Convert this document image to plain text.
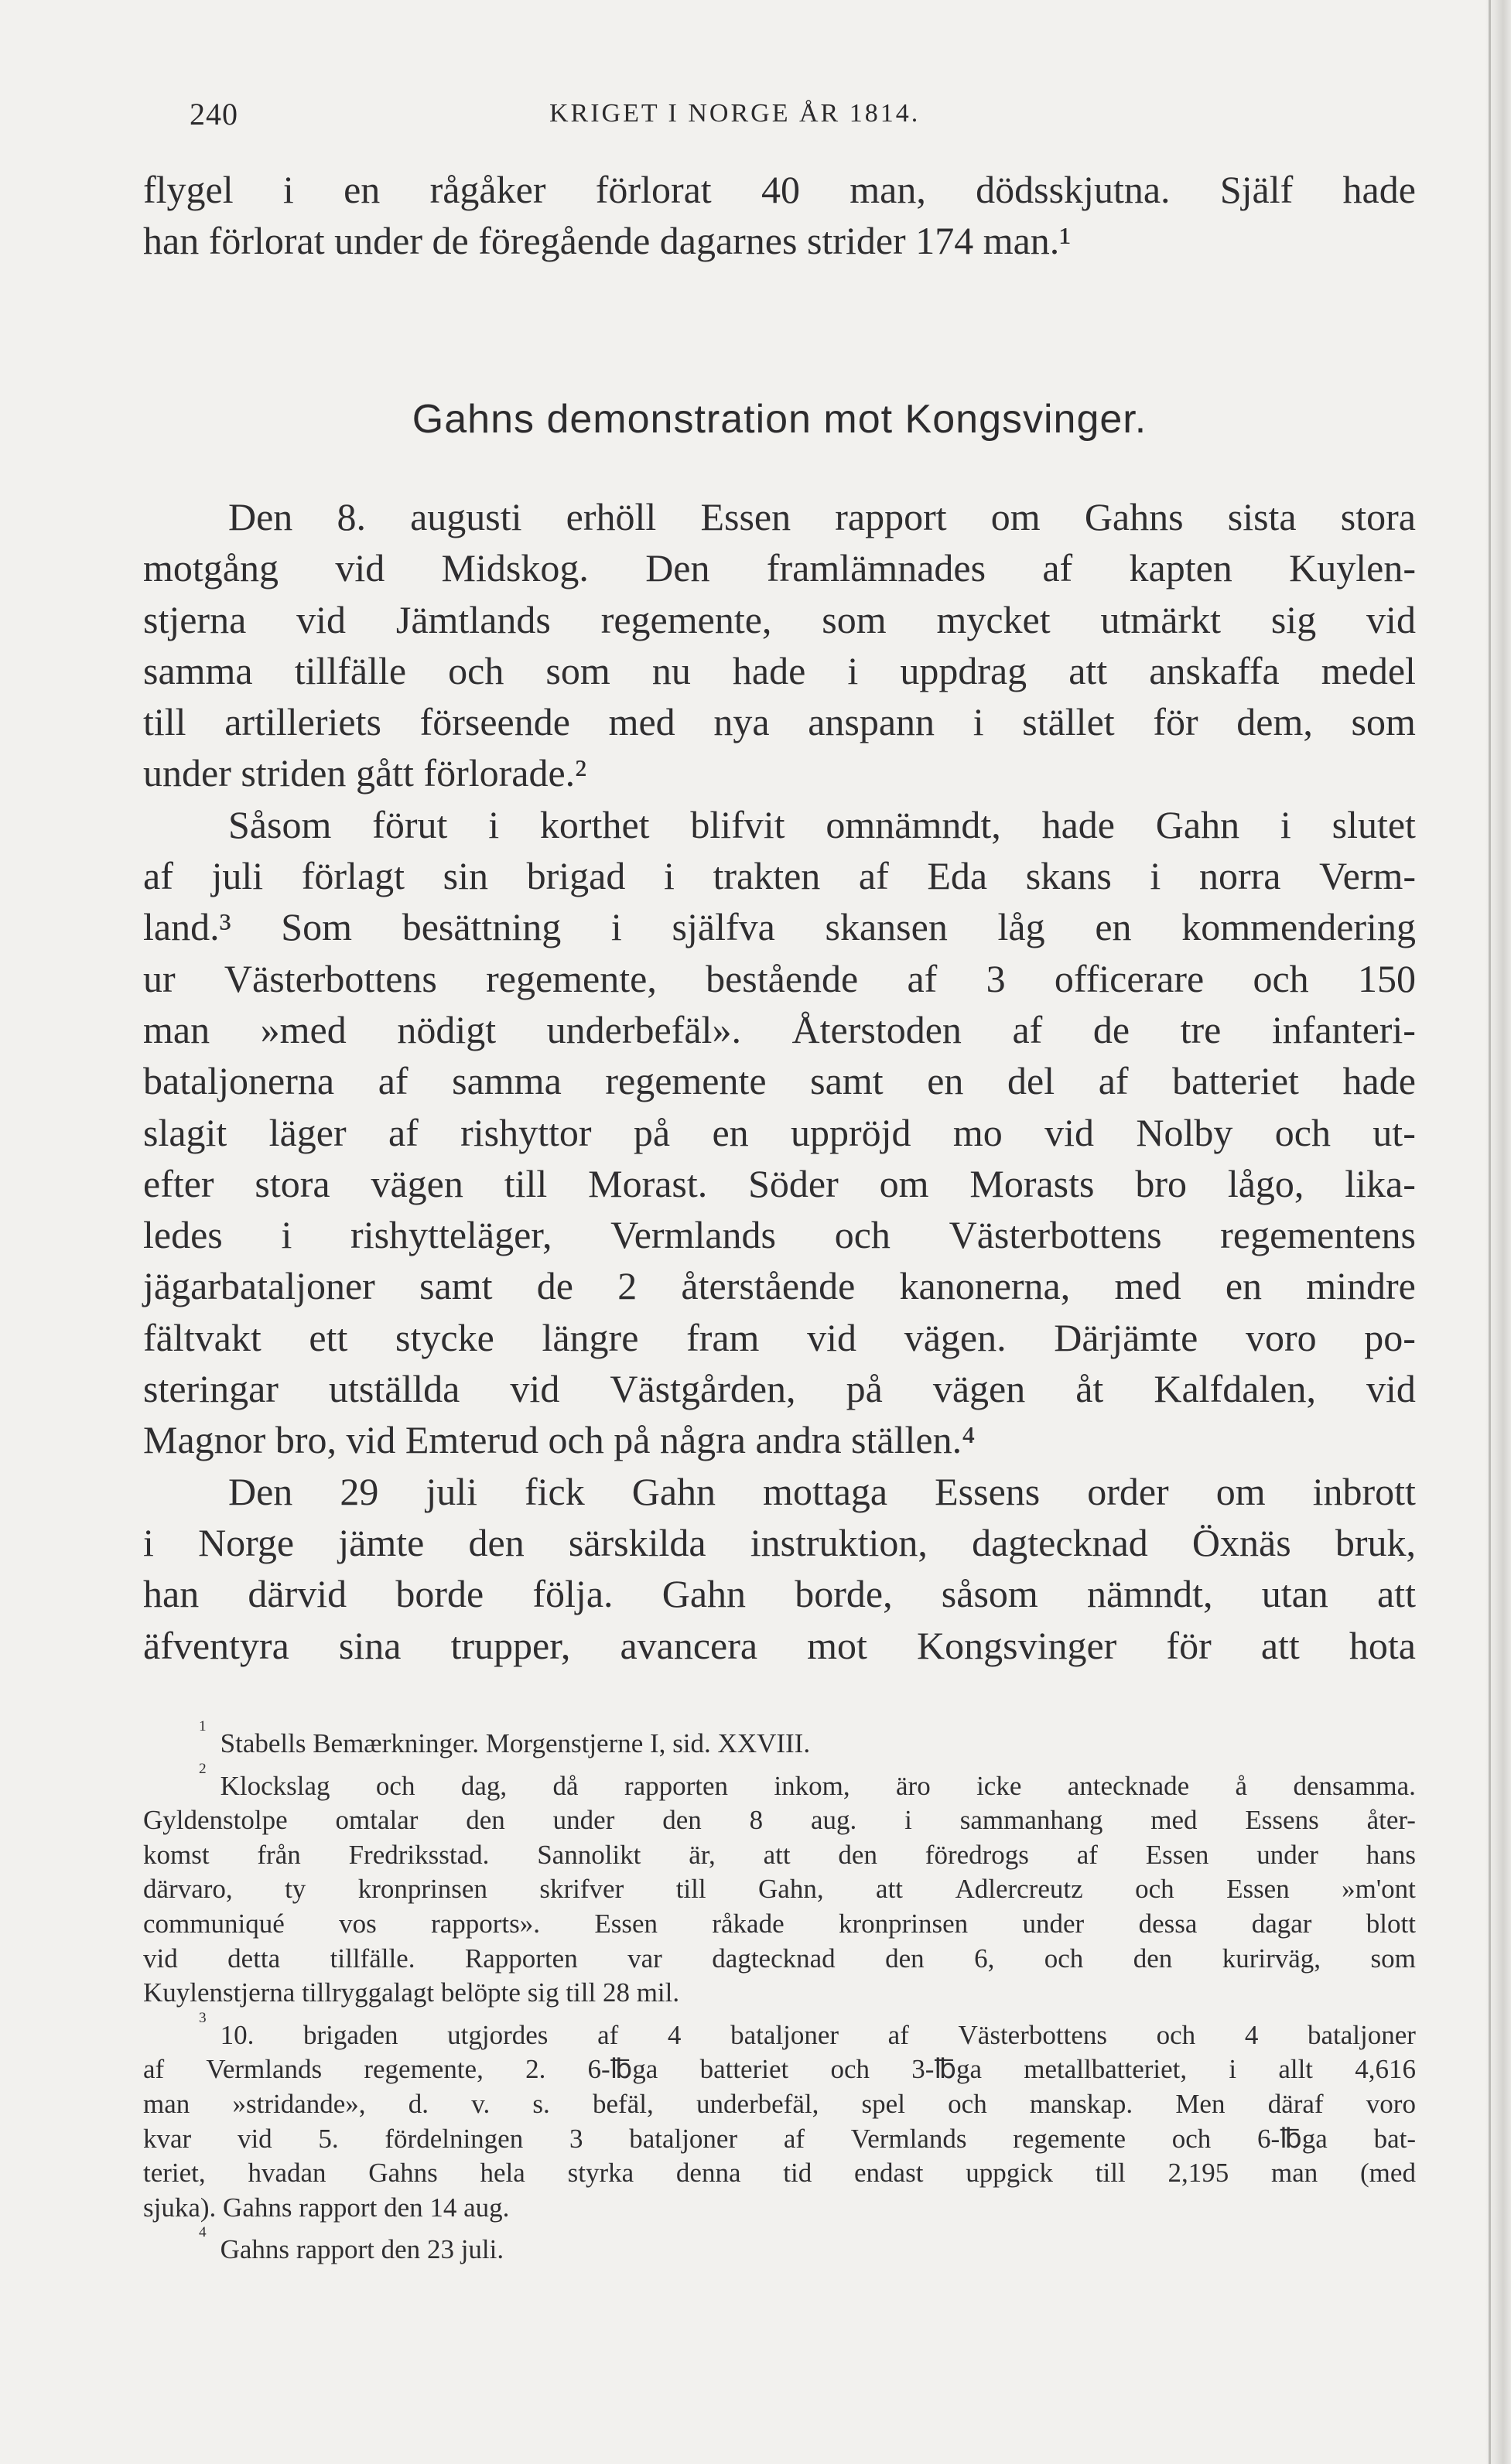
240	KRIGET I NORGE ÅR 1814.
flygel i en rågåker förlorat 40 man, dödsskjutna. Själf hade
han
förlorat
under
de
föregående
dagarnes
strider
174
man.¹
Gahns demonstration mot Kongsvinger.
Den 8. augusti erhöll Essen rapport om Gahns sista stora
motgång vid Midskog. Den framlämnades af kapten Kuylen-
stjerna vid Jämtlands regemente, som mycket utmärkt sig vid
samma tillfälle och som nu hade i uppdrag att anskaffa medel
till artilleriets förseende med nya anspann i stället för dem, som
under
striden
gått
förlorade.²
Såsom förut i korthet blifvit omnämndt, hade Gahn i slutet
af juli förlagt sin brigad i trakten af Eda skans i norra Verm-
land.³ Som besättning i själfva skansen låg en kommendering
ur Västerbottens regemente, bestående af 3 officerare och 150
man »med nödigt underbefäl». Återstoden af de tre infanteri-
bataljonerna af samma regemente samt en del af batteriet hade
slagit läger af rishyttor på en uppröjd mo vid Nolby och ut-
efter stora vägen till Morast. Söder om Morasts bro lågo, lika-
ledes i rishytteläger, Vermlands och Västerbottens regementens
jägarbataljoner samt de 2 återstående kanonerna, med en mindre
fältvakt ett stycke längre fram vid vägen. Därjämte voro po-
steringar utställda vid Västgården, på vägen åt Kalfdalen, vid
Magnor
bro,
vid
Emterud
och
på
några
andra
ställen.⁴
Den 29 juli fick Gahn mottaga Essens order om inbrott
i Norge jämte den särskilda instruktion, dagtecknad Öxnäs bruk,
han därvid borde följa. Gahn borde, såsom nämndt, utan att
äfventyra sina trupper, avancera mot Kongsvinger för att hota
1
Stabells
Bemærkninger.
Morgenstjerne
I,
sid.
XXVIII.
2
Klockslag och dag, då rapporten inkom, äro icke antecknade å densamma.
Gyldenstolpe omtalar den under den 8 aug. i sammanhang med Essens åter-
komst från Fredriksstad. Sannolikt är, att den föredrogs af Essen under hans
därvaro, ty kronprinsen skrifver till Gahn, att Adlercreutz och Essen »m'ont
communiqué vos rapports». Essen råkade kronprinsen under dessa dagar blott
vid detta tillfälle. Rapporten var dagtecknad den 6, och den kurirväg, som
Kuylenstjerna
tillryggalagt
belöpte
sig
till
28
mil.
3
10. brigaden utgjordes af 4 bataljoner af Västerbottens och 4 bataljoner
af Vermlands regemente, 2. 6-℔ga batteriet och 3-℔ga metallbatteriet, i allt 4,616
man »stridande», d. v. s. befäl, underbefäl, spel och manskap. Men däraf voro
kvar vid 5. fördelningen 3 bataljoner af Vermlands regemente och 6-℔ga bat-
teriet, hvadan Gahns hela styrka denna tid endast uppgick till 2,195 man (med
sjuka).
Gahns
rapport
den
14
aug.
4
Gahns
rapport
den
23
juli.
